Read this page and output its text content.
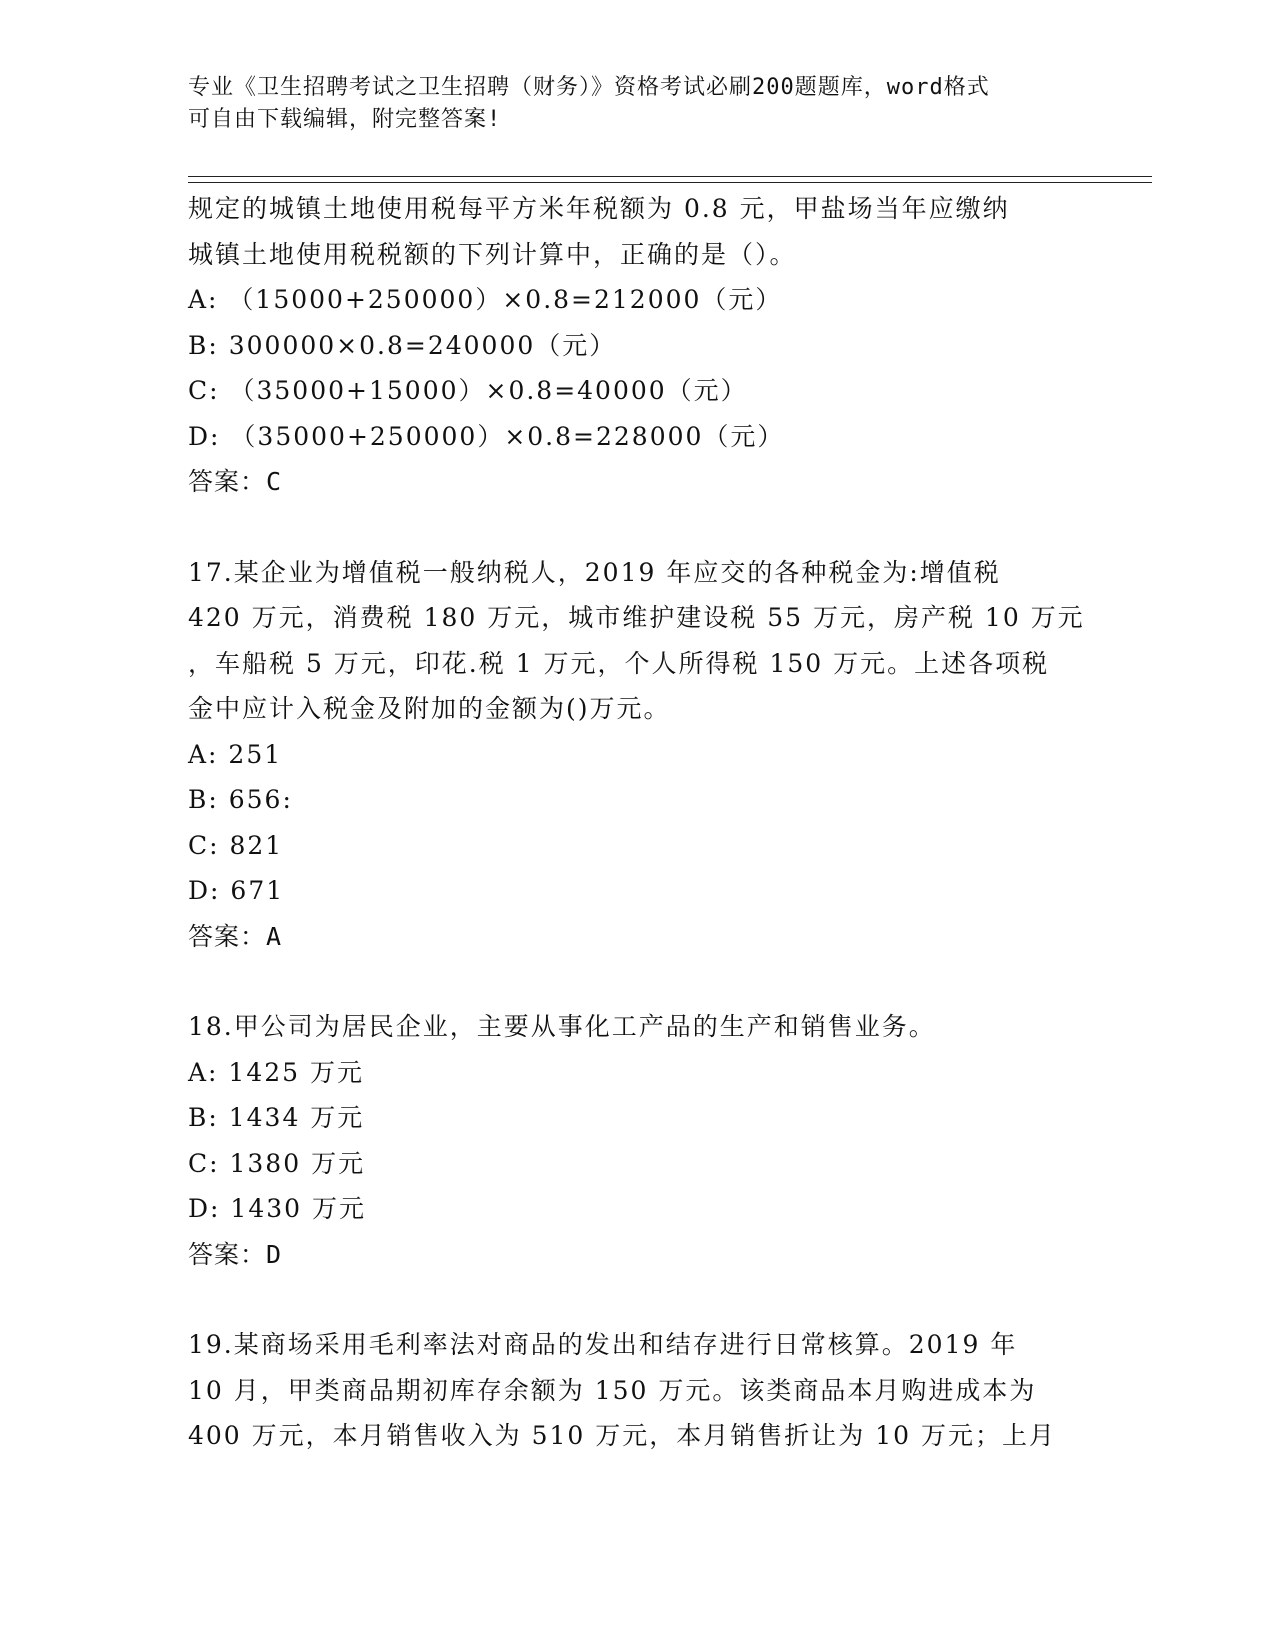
专业《卫生招聘考试之卫生招聘（财务）》资格考试必刷200题题库，word格式
可自由下载编辑，附完整答案!
规定的城镇土地使用税每平方米年税额为 0.8 元，甲盐场当年应缴纳
城镇土地使用税税额的下列计算中，正确的是（）。
A: （15000+250000）×0.8=212000（元）
B: 300000×0.8=240000（元）
C: （35000+15000）×0.8=40000（元）
D: （35000+250000）×0.8=228000（元）
答案：C
17.某企业为增值税一般纳税人，2019 年应交的各种税金为:增值税
420 万元，消费税 180 万元，城市维护建设税 55 万元，房产税 10 万元
，车船税 5 万元，印花.税 1 万元，个人所得税 150 万元。上述各项税
金中应计入税金及附加的金额为()万元。
A: 251
B: 656:
C: 821
D: 671
答案：A
18.甲公司为居民企业，主要从事化工产品的生产和销售业务。
A: 1425 万元
B: 1434 万元
C: 1380 万元
D: 1430 万元
答案：D
19.某商场采用毛利率法对商品的发出和结存进行日常核算。2019 年
10 月，甲类商品期初库存余额为 150 万元。该类商品本月购进成本为
400 万元，本月销售收入为 510 万元，本月销售折让为 10 万元；上月
